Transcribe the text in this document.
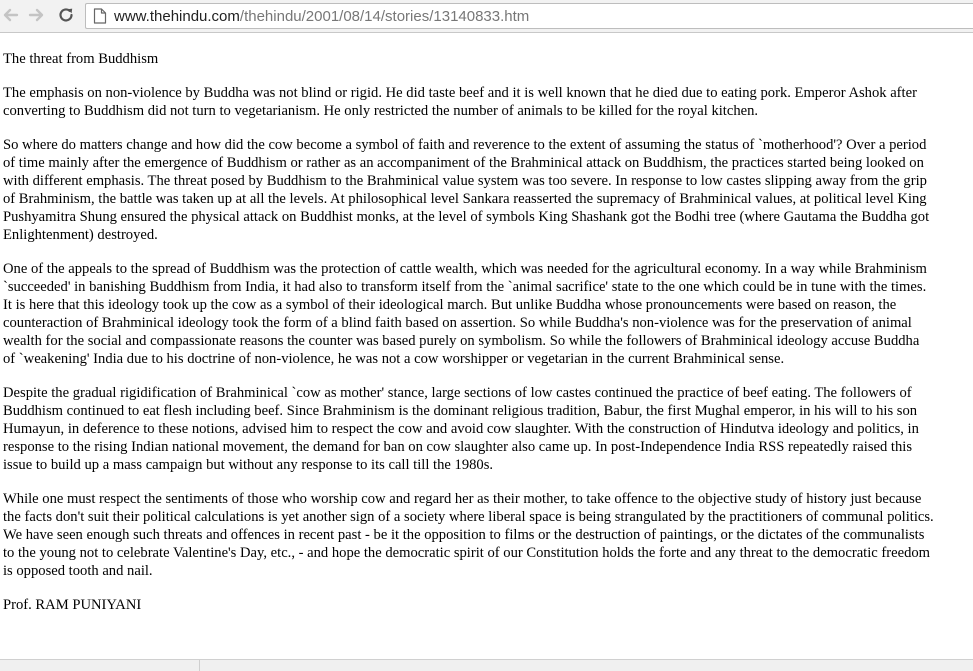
www.thehindu.com/thehindu/2001/08/14/stories/13140833.htm

The threat from Buddhism

The emphasis on non-violence by Buddha was not blind or rigid. He did taste beef and it is well known that he died due to eating pork. Emperor Ashok after converting to Buddhism did not turn to vegetarianism. He only restricted the number of animals to be killed for the royal kitchen.

So where do matters change and how did the cow become a symbol of faith and reverence to the extent of assuming the status of `motherhood'? Over a period of time mainly after the emergence of Buddhism or rather as an accompaniment of the Brahminical attack on Buddhism, the practices started being looked on with different emphasis. The threat posed by Buddhism to the Brahminical value system was too severe. In response to low castes slipping away from the grip of Brahminism, the battle was taken up at all the levels. At philosophical level Sankara reasserted the supremacy of Brahminical values, at political level King Pushyamitra Shung ensured the physical attack on Buddhist monks, at the level of symbols King Shashank got the Bodhi tree (where Gautama the Buddha got Enlightenment) destroyed.

One of the appeals to the spread of Buddhism was the protection of cattle wealth, which was needed for the agricultural economy. In a way while Brahminism `succeeded' in banishing Buddhism from India, it had also to transform itself from the `animal sacrifice' state to the one which could be in tune with the times. It is here that this ideology took up the cow as a symbol of their ideological march. But unlike Buddha whose pronouncements were based on reason, the counteraction of Brahminical ideology took the form of a blind faith based on assertion. So while Buddha's non-violence was for the preservation of animal wealth for the social and compassionate reasons the counter was based purely on symbolism. So while the followers of Brahminical ideology accuse Buddha of `weakening' India due to his doctrine of non-violence, he was not a cow worshipper or vegetarian in the current Brahminical sense.

Despite the gradual rigidification of Brahminical `cow as mother' stance, large sections of low castes continued the practice of beef eating. The followers of Buddhism continued to eat flesh including beef. Since Brahminism is the dominant religious tradition, Babur, the first Mughal emperor, in his will to his son Humayun, in deference to these notions, advised him to respect the cow and avoid cow slaughter. With the construction of Hindutva ideology and politics, in response to the rising Indian national movement, the demand for ban on cow slaughter also came up. In post-Independence India RSS repeatedly raised this issue to build up a mass campaign but without any response to its call till the 1980s.

While one must respect the sentiments of those who worship cow and regard her as their mother, to take offence to the objective study of history just because the facts don't suit their political calculations is yet another sign of a society where liberal space is being strangulated by the practitioners of communal politics. We have seen enough such threats and offences in recent past - be it the opposition to films or the destruction of paintings, or the dictates of the communalists to the young not to celebrate Valentine's Day, etc., - and hope the democratic spirit of our Constitution holds the forte and any threat to the democratic freedom is opposed tooth and nail.

Prof. RAM PUNIYANI
